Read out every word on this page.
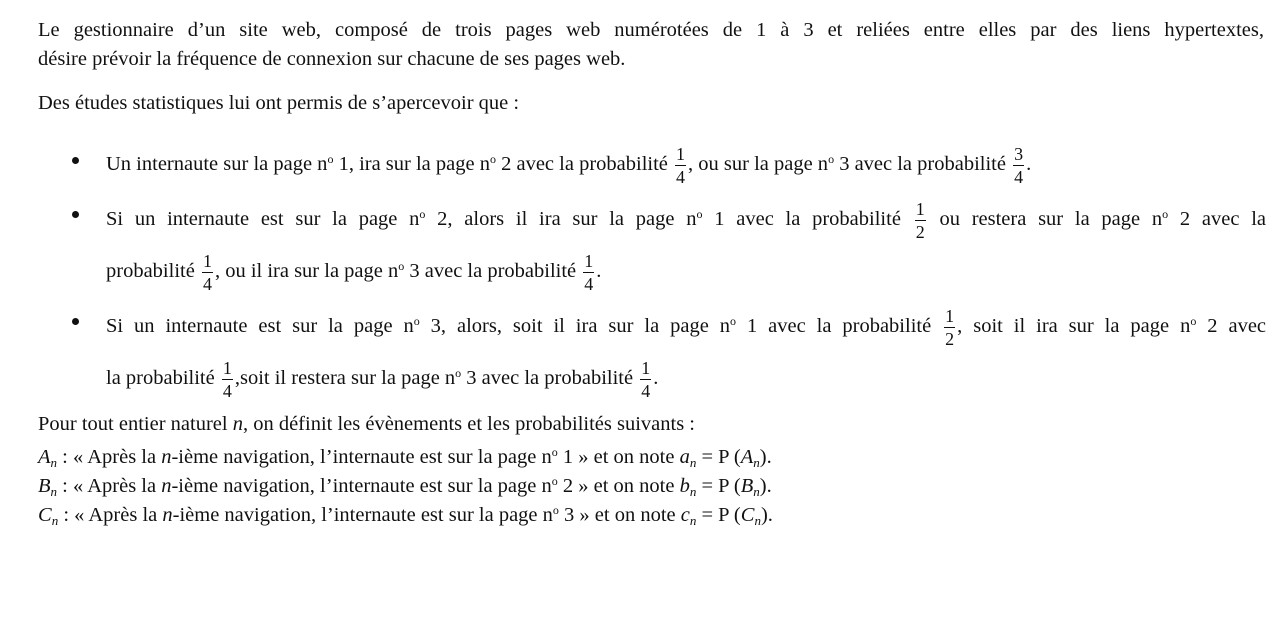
Le gestionnaire d’un site web, composé de trois pages web numérotées de 1 à 3 et reliées entre elles par des liens hypertextes,
désire prévoir la fréquence de connexion sur chacune de ses pages web.
Des études statistiques lui ont permis de s’apercevoir que :
Un internaute sur la page $n^o$ 1, ira sur la page $n^o$ 2 avec la probabilité $\frac{1}{4}$ , ou sur la page $n^o$ 3 avec la probabilité $\frac{3}{4}$ .
Si un internaute est sur la page $n^o$ 2, alors il ira sur la page $n^o$ 1 avec la probabilité $\frac{1}{2}$ ou restera sur la page $n^o$ 2 avec la
probabilité $\frac{1}{4}$ , ou il ira sur la page $n^o$ 3 avec la probabilité $\frac{1}{4}$ .
Si un internaute est sur la page $n^o$ 3, alors, soit il ira sur la page $n^o$ 1 avec la probabilité $\frac{1}{2}$ , soit il ira sur la page $n^o$ 2 avec
la probabilité $\frac{1}{4}$ ,soit il restera sur la page $n^o$ 3 avec la probabilité $\frac{1}{4}$ .
Pour tout entier naturel n, on définit les évènements et les probabilités suivants :
$A_n$ : « Après la n-ième navigation, l’internaute est sur la page $n^o$ 1 » et on note $a_n = P$ $(A_n)$.
$B_n$ : « Après la n-ième navigation, l’internaute est sur la page $n^o$ 2 » et on note $b_n = P$ $(B_n)$.
$C_n$ : « Après la n-ième navigation, l’internaute est sur la page $n^o$ 3 » et on note $c_n = P$ $(C_n)$.
